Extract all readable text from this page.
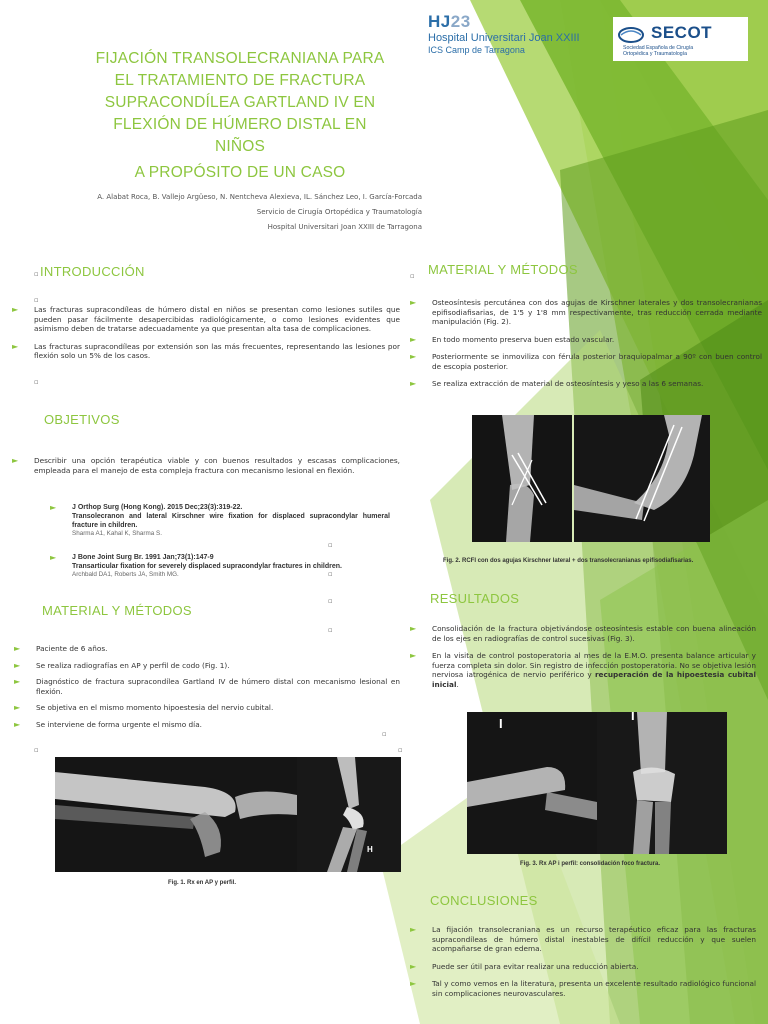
HJ23
Hospital Universitari Joan XXIII
ICS Camp de Tarragona
SECOT
Sociedad Española de Cirugía
Ortopédica y Traumatología
FIJACIÓN TRANSOLECRANIANA PARA
EL TRATAMIENTO DE FRACTURA
SUPRACONDÍLEA GARTLAND IV EN
FLEXIÓN DE HÚMERO DISTAL EN
NIÑOS
A PROPÓSITO DE UN CASO
A. Alabat Roca, B. Vallejo Argüeso, N. Nentcheva Alexieva, IL. Sánchez Leo, I. García-Forcada
Servicio de Cirugía Ortopédica y Traumatología
Hospital Universitari Joan XXIII de Tarragona
▫ INTRODUCCIÓN
▫
► Las fracturas supracondíleas de húmero distal en niños se presentan como lesiones sutiles que pueden pasar fácilmente desapercibidas radiológicamente, o como lesiones evidentes que asimismo deben de tratarse adecuadamente ya que presentan alta tasa de complicaciones.
► Las fracturas supracondíleas por extensión son las más frecuentes, representando las lesiones por flexión solo un 5% de los casos.
▫
OBJETIVOS
► Describir una opción terapéutica viable y con buenos resultados y escasas complicaciones, empleada para el manejo de esta compleja fractura con mecanismo lesional en flexión.
► J Orthop Surg (Hong Kong). 2015 Dec;23(3):319-22.
Transolecranon and lateral Kirschner wire fixation for displaced supracondylar humeral fracture in children.
Sharma A1, Kahal K, Sharma S.
► J Bone Joint Surg Br. 1991 Jan;73(1):147-9
Transarticular fixation for severely displaced supracondylar fractures in children.
Archbald DA1, Roberts JA, Smith MG.
▫
▫
▫
▫
MATERIAL Y MÉTODOS
► Paciente de 6 años.
► Se realiza radiografías en AP y perfil de codo (Fig. 1).
► Diagnóstico de fractura supracondílea Gartland IV de húmero distal con mecanismo lesional en flexión.
► Se objetiva en el mismo momento hipoestesia del nervio cubital.
► Se interviene de forma urgente el mismo día.
▫
▫
▫
H
Fig. 1. Rx en AP y perfil.
▫ MATERIAL Y MÉTODOS
► Osteosíntesis percutánea con dos agujas de Kirschner laterales y dos transolecranianas epifisodiafisarias, de 1'5 y 1'8 mm respectivamente, tras reducción cerrada mediante manipulación (Fig. 2).
► En todo momento preserva buen estado vascular.
► Posteriormente se inmoviliza con férula posterior braquiopalmar a 90º con buen control de escopia posterior.
► Se realiza extracción de material de osteosíntesis y yeso a las 6 semanas.
Fig. 2. RCFI con dos agujas Kirschner lateral + dos transolecranianas epifisodiafisarias.
RESULTADOS
► Consolidación de la fractura objetivándose osteosíntesis estable con buena alineación de los ejes en radiografías de control sucesivas (Fig. 3).
► En la visita de control postoperatoria al mes de la E.M.O. presenta balance articular y fuerza completa sin dolor. Sin registro de infección postoperatoria. No se objetiva lesión nerviosa iatrogénica de nervio periférico y recuperación de la hipoestesia cubital inicial.
I
I
Fig. 3. Rx AP i perfil: consolidación foco fractura.
CONCLUSIONES
► La fijación transolecraniana es un recurso terapéutico eficaz para las fracturas supracondíleas de húmero distal inestables de difícil reducción y que suelen acompañarse de gran edema.
► Puede ser útil para evitar realizar una reducción abierta.
► Tal y como vemos en la literatura, presenta un excelente resultado radiológico funcional sin complicaciones neurovasculares.
